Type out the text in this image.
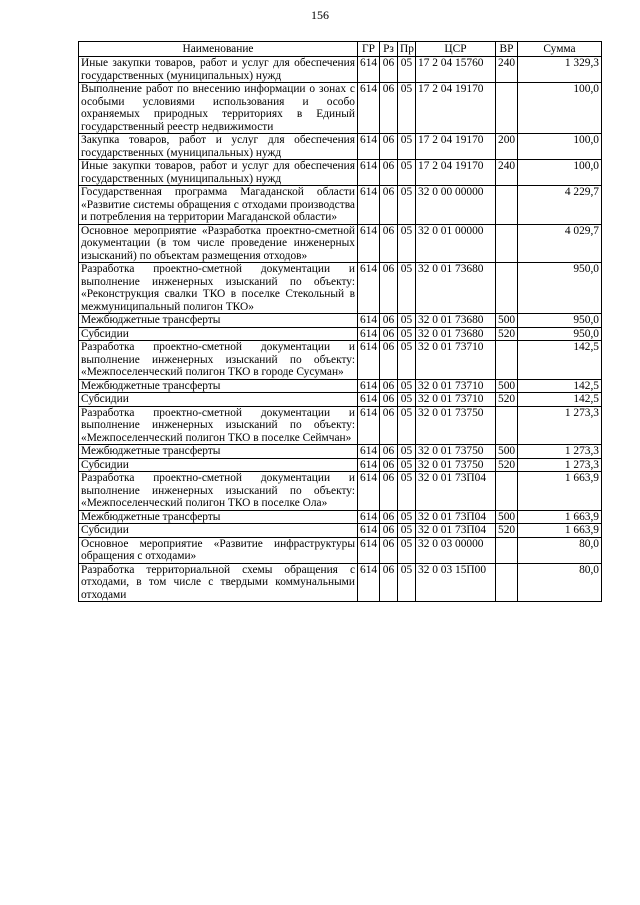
156
Наименование	ГР	Рз	Пр	ЦСР	ВР	Сумма
Иные закупки товаров, работ и услуг для обеспечения государственных (муниципальных) нужд	614	06	05	17 2 04 15760	240	1 329,3
Выполнение работ по внесению информации о зонах с особыми условиями использования и особо охраняемых природных территориях в Единый государственный реестр недвижимости	614	06	05	17 2 04 19170		100,0
Закупка товаров, работ и услуг для обеспечения государственных (муниципальных) нужд	614	06	05	17 2 04 19170	200	100,0
Иные закупки товаров, работ и услуг для обеспечения государственных (муниципальных) нужд	614	06	05	17 2 04 19170	240	100,0
Государственная программа Магаданской области «Развитие системы обращения с отходами производства и потребления на территории Магаданской области»	614	06	05	32 0 00 00000		4 229,7
Основное мероприятие «Разработка проектно-сметной документации (в том числе проведение инженерных изысканий) по объектам размещения отходов»	614	06	05	32 0 01 00000		4 029,7
Разработка проектно-сметной документации и выполнение инженерных изысканий по объекту: «Реконструкция свалки ТКО в поселке Стекольный в межмуниципальный полигон ТКО»	614	06	05	32 0 01 73680		950,0
Межбюджетные трансферты	614	06	05	32 0 01 73680	500	950,0
Субсидии	614	06	05	32 0 01 73680	520	950,0
Разработка проектно-сметной документации и выполнение инженерных изысканий по объекту: «Межпоселенческий полигон ТКО в городе Сусуман»	614	06	05	32 0 01 73710		142,5
Межбюджетные трансферты	614	06	05	32 0 01 73710	500	142,5
Субсидии	614	06	05	32 0 01 73710	520	142,5
Разработка проектно-сметной документации и выполнение инженерных изысканий по объекту: «Межпоселенческий полигон ТКО в поселке Сеймчан»	614	06	05	32 0 01 73750		1 273,3
Межбюджетные трансферты	614	06	05	32 0 01 73750	500	1 273,3
Субсидии	614	06	05	32 0 01 73750	520	1 273,3
Разработка проектно-сметной документации и выполнение инженерных изысканий по объекту: «Межпоселенческий полигон ТКО в поселке Ола»	614	06	05	32 0 01 73П04		1 663,9
Межбюджетные трансферты	614	06	05	32 0 01 73П04	500	1 663,9
Субсидии	614	06	05	32 0 01 73П04	520	1 663,9
Основное мероприятие «Развитие инфраструктуры обращения с отходами»	614	06	05	32 0 03 00000		80,0
Разработка территориальной схемы обращения с отходами, в том числе с твердыми коммунальными отходами	614	06	05	32 0 03 15П00		80,0
